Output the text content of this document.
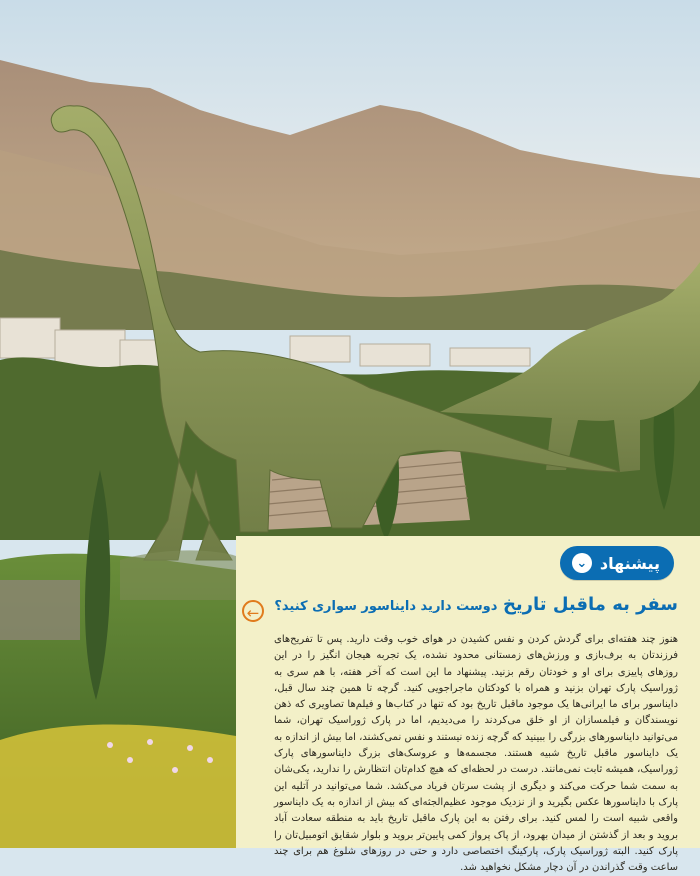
پیشنهاد
⌄
سفر به ماقبل تاریخ دوست دارید دایناسور سواری کنید؟
←

هنوز چند هفته‌ای برای گردش کردن و نفس کشیدن در هوای خوب وقت دارید. پس تا تفریح‌های فرزندتان به برف‌بازی و ورزش‌های زمستانی محدود نشده، یک تجربه هیجان انگیز را در این روزهای پاییزی برای او و خودتان رقم بزنید. پیشنهاد ما این است که آخر هفته، با هم سری به ژوراسیک پارک تهران بزنید و همراه با کودکتان ماجراجویی کنید. گرچه تا همین چند سال قبل، دایناسور برای ما ایرانی‌ها یک موجود ماقبل تاریخ بود که تنها در کتاب‌ها و فیلم‌ها تصاویری که ذهن نویسندگان و فیلمسازان از او خلق می‌کردند را می‌دیدیم، اما در پارک ژوراسیک تهران، شما می‌توانید دایناسورهای بزرگی را ببینید که گرچه زنده نیستند و نفس نمی‌کشند، اما بیش از اندازه به یک دایناسور ماقبل تاریخ شبیه هستند. مجسمه‌ها و عروسک‌های بزرگ دایناسورهای پارک ژوراسیک، همیشه ثابت نمی‌مانند. درست در لحظه‌ای که هیچ کدام‌تان انتظارش را ندارید، یکی‌شان به سمت شما حرکت می‌کند و دیگری از پشت سرتان فریاد می‌کشد. شما می‌توانید در آتلیه این پارک با دایناسورها عکس بگیرید و از نزدیک موجود عظیم‌الجثه‌ای که بیش از اندازه به یک دایناسور واقعی شبیه است را لمس کنید. برای رفتن به این پارک ماقبل تاریخ باید به منطقه سعادت آباد بروید و بعد از گذشتن از میدان بهرود، از پاک پرواز کمی پایین‌تر بروید و بلوار شقایق اتومبیل‌تان را پارک کنید. البته ژوراسیک پارک، پارکینگ اختصاصی دارد و حتی در روزهای شلوغ هم برای چند ساعت وقت گذراندن در آن دچار مشکل نخواهید شد.
